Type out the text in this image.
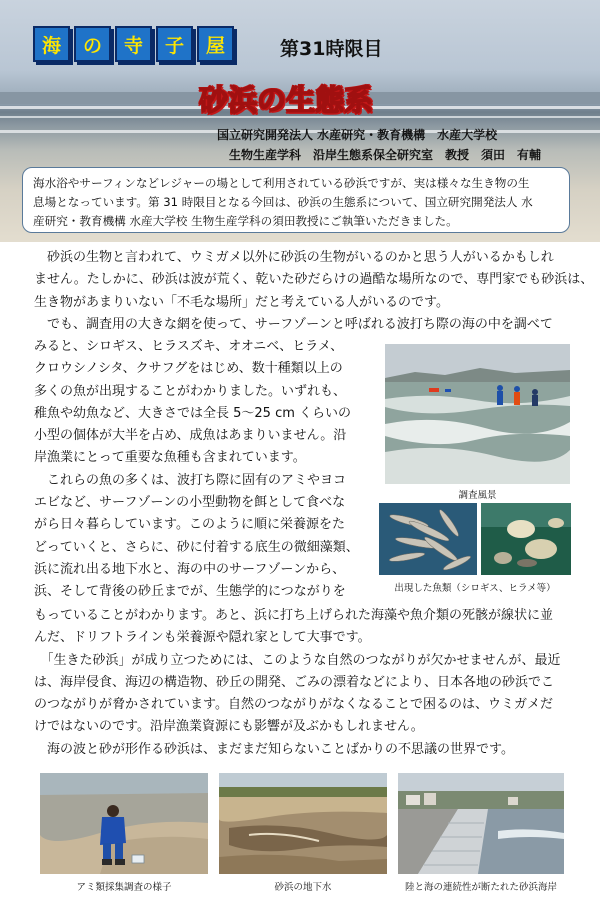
海	の	寺	子	屋	第31時限目
砂浜の生態系
国立研究開発法人 水産研究・教育機構　水産大学校
生物生産学科　沿岸生態系保全研究室　教授　須田　有輔
海水浴やサーフィンなどレジャーの場として利用されている砂浜ですが、実は様々な生き物の生
息場となっています。第 31 時限目となる今回は、砂浜の生態系について、国立研究開発法人 水
産研究・教育機構 水産大学校 生物生産学科の須田教授にご執筆いただきました。
　砂浜の生物と言われて、ウミガメ以外に砂浜の生物がいるのかと思う人がいるかもしれ
ません。たしかに、砂浜は波が荒く、乾いた砂だらけの過酷な場所なので、専門家でも砂浜は、
生き物があまりいない「不毛な場所」だと考えている人がいるのです。
　でも、調査用の大きな網を使って、サーフゾーンと呼ばれる波打ち際の海の中を調べて
みると、シロギス、ヒラスズキ、オオニベ、ヒラメ、
クロウシノシタ、クサフグをはじめ、数十種類以上の
多くの魚が出現することがわかりました。いずれも、
稚魚や幼魚など、大きさでは全長 5〜25 cm くらいの
小型の個体が大半を占め、成魚はあまりいません。沿
岸漁業にとって重要な魚種も含まれています。
　これらの魚の多くは、波打ち際に固有のアミやヨコ
エビなど、サーフゾーンの小型動物を餌として食べな
がら日々暮らしています。このように順に栄養源をた
どっていくと、さらに、砂に付着する底生の微細藻類、
浜に流れ出る地下水と、海の中のサーフゾーンから、
浜、そして背後の砂丘までが、生態学的につながりを
もっていることがわかります。あと、浜に打ち上げられた海藻や魚介類の死骸が線状に並
んだ、ドリフトラインも栄養源や隠れ家として大事です。
　「生きた砂浜」が成り立つためには、このような自然のつながりが欠かせませんが、最近
は、海岸侵食、海辺の構造物、砂丘の開発、ごみの漂着などにより、日本各地の砂浜でこ
のつながりが脅かされています。自然のつながりがなくなることで困るのは、ウミガメだ
けではないのです。沿岸漁業資源にも影響が及ぶかもしれません。
　海の波と砂が形作る砂浜は、まだまだ知らないことばかりの不思議の世界です。
調査風景
出現した魚類（シロギス、ヒラメ等）
アミ類採集調査の様子	砂浜の地下水	陸と海の連続性が断たれた砂浜海岸
